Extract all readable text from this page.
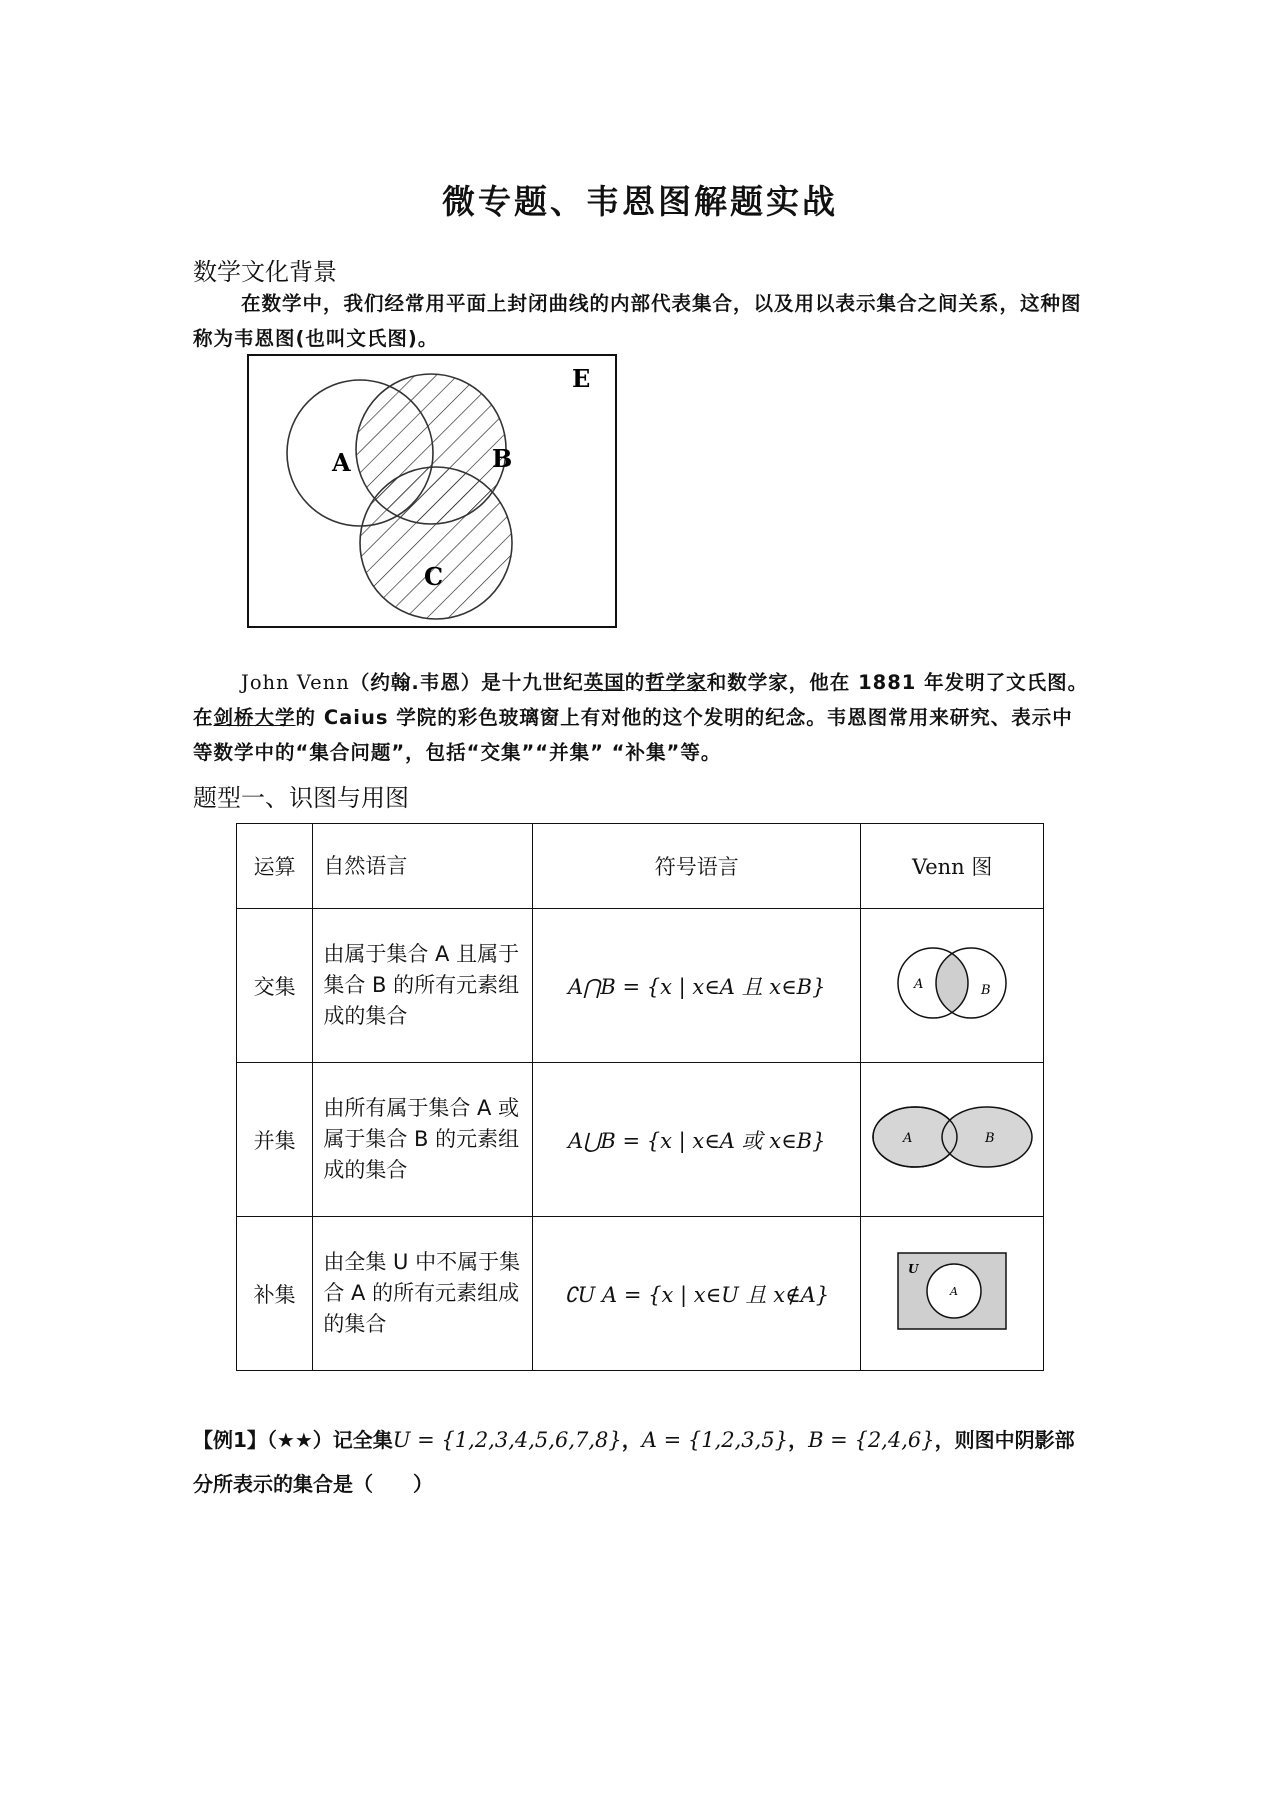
微专题、韦恩图解题实战
数学文化背景

在数学中，我们经常用平面上封闭曲线的内部代表集合，以及用以表示集合之间关系，这种图称为韦恩图(也叫文氏图)。

E
A	B
C

John Venn（约翰.韦恩）是十九世纪英国的哲学家和数学家，他在 1881 年发明了文氏图。在剑桥大学的 Caius 学院的彩色玻璃窗上有对他的这个发明的纪念。韦恩图常用来研究、表示中等数学中的“集合问题”，包括“交集”“并集” “补集”等。

题型一、识图与用图
运算	自然语言	符号语言	Venn 图
交集	由属于集合 A 且属于集合 B 的所有元素组成的集合	A⋂B = {x | x∈A 且 x∈B}	A B

并集	由所有属于集合 A 或属于集合 B 的元素组成的集合	A⋃B = {x | x∈A 或 x∈B}	A B

补集	由全集 U 中不属于集合 A 的所有元素组成的集合	∁U A = {x | x∈U 且 x∉A}	U
A

【例1】（★★）记全集U = {1,2,3,4,5,6,7,8}，A = {1,2,3,5}，B = {2,4,6}，则图中阴影部分所表示的集合是（　　）
